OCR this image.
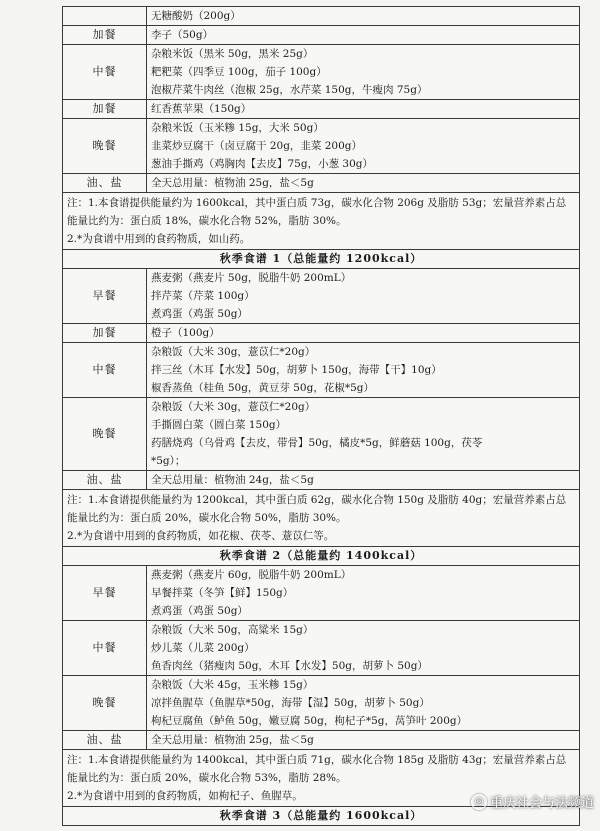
	无糖酸奶（200g）

加餐	李子（50g）

中餐	杂粮米饭（黑米 50g，黑米 25g）
粑粑菜（四季豆 100g，茄子 100g）
泡椒芹菜牛肉丝（泡椒 25g，水芹菜 150g，牛瘦肉 75g）

加餐	红香蕉苹果（150g）

晚餐	杂粮米饭（玉米糁 15g，大米 50g）
韭菜炒豆腐干（卤豆腐干 20g，韭菜 200g）
葱油手撕鸡（鸡胸肉【去皮】75g，小葱 30g）

油、盐	全天总用量：植物油 25g，盐＜5g

注：1.本食谱提供能量约为 1600kcal，其中蛋白质 73g，碳水化合物 206g 及脂肪 53g；宏量营养素占总能量比约为：蛋白质 18%，碳水化合物 52%，脂肪 30%。
2.*为食谱中用到的食药物质，如山药。	

秋季食谱 1（总能量约 1200kcal）	
早餐	燕麦粥（燕麦片 50g，脱脂牛奶 200mL）
拌芹菜（芹菜 100g）
煮鸡蛋（鸡蛋 50g）

加餐	橙子（100g）

中餐	杂粮饭（大米 30g，薏苡仁*20g）
拌三丝（木耳【水发】50g，胡萝卜 150g，海带【干】10g）
椒香蒸鱼（桂鱼 50g，黄豆芽 50g，花椒*5g）

晚餐	杂粮饭（大米 30g，薏苡仁*20g）
手撕圆白菜（圆白菜 150g）
药膳烧鸡（乌骨鸡【去皮，带骨】50g，橘皮*5g，鲜蘑菇 100g，茯苓
*5g）；

油、盐	全天总用量：植物油 24g，盐＜5g

注：1.本食谱提供能量约为 1200kcal，其中蛋白质 62g，碳水化合物 150g 及脂肪 40g；宏量营养素占总能量比约为：蛋白质 20%，碳水化合物 50%，脂肪 30%。
2.*为食谱中用到的食药物质，如花椒、茯苓、薏苡仁等。	

秋季食谱 2（总能量约 1400kcal）	
早餐	燕麦粥（燕麦片 60g，脱脂牛奶 200mL）
早餐拌菜（冬笋【鲜】150g）
煮鸡蛋（鸡蛋 50g）

中餐	杂粮饭（大米 50g，高粱米 15g）
炒儿菜（儿菜 200g）
鱼香肉丝（猪瘦肉 50g，木耳【水发】50g，胡萝卜 50g）

晚餐	杂粮饭（大米 45g，玉米糁 15g）
凉拌鱼腥草（鱼腥草*50g，海带【湿】50g，胡萝卜 50g）
枸杞豆腐鱼（鲈鱼 50g，嫩豆腐 50g，枸杞子*5g，莴笋叶 200g）

油、盐	全天总用量：植物油 25g，盐＜5g

注：1.本食谱提供能量约为 1400kcal，其中蛋白质 71g，碳水化合物 185g 及脂肪 43g；宏量营养素占总能量比约为：蛋白质 20%，碳水化合物 53%，脂肪 28%。
2.*为食谱中用到的食药物质，如枸杞子、鱼腥草。	

秋季食谱 3（总能量约 1600kcal）	
◎ 重庆社会与法频道
